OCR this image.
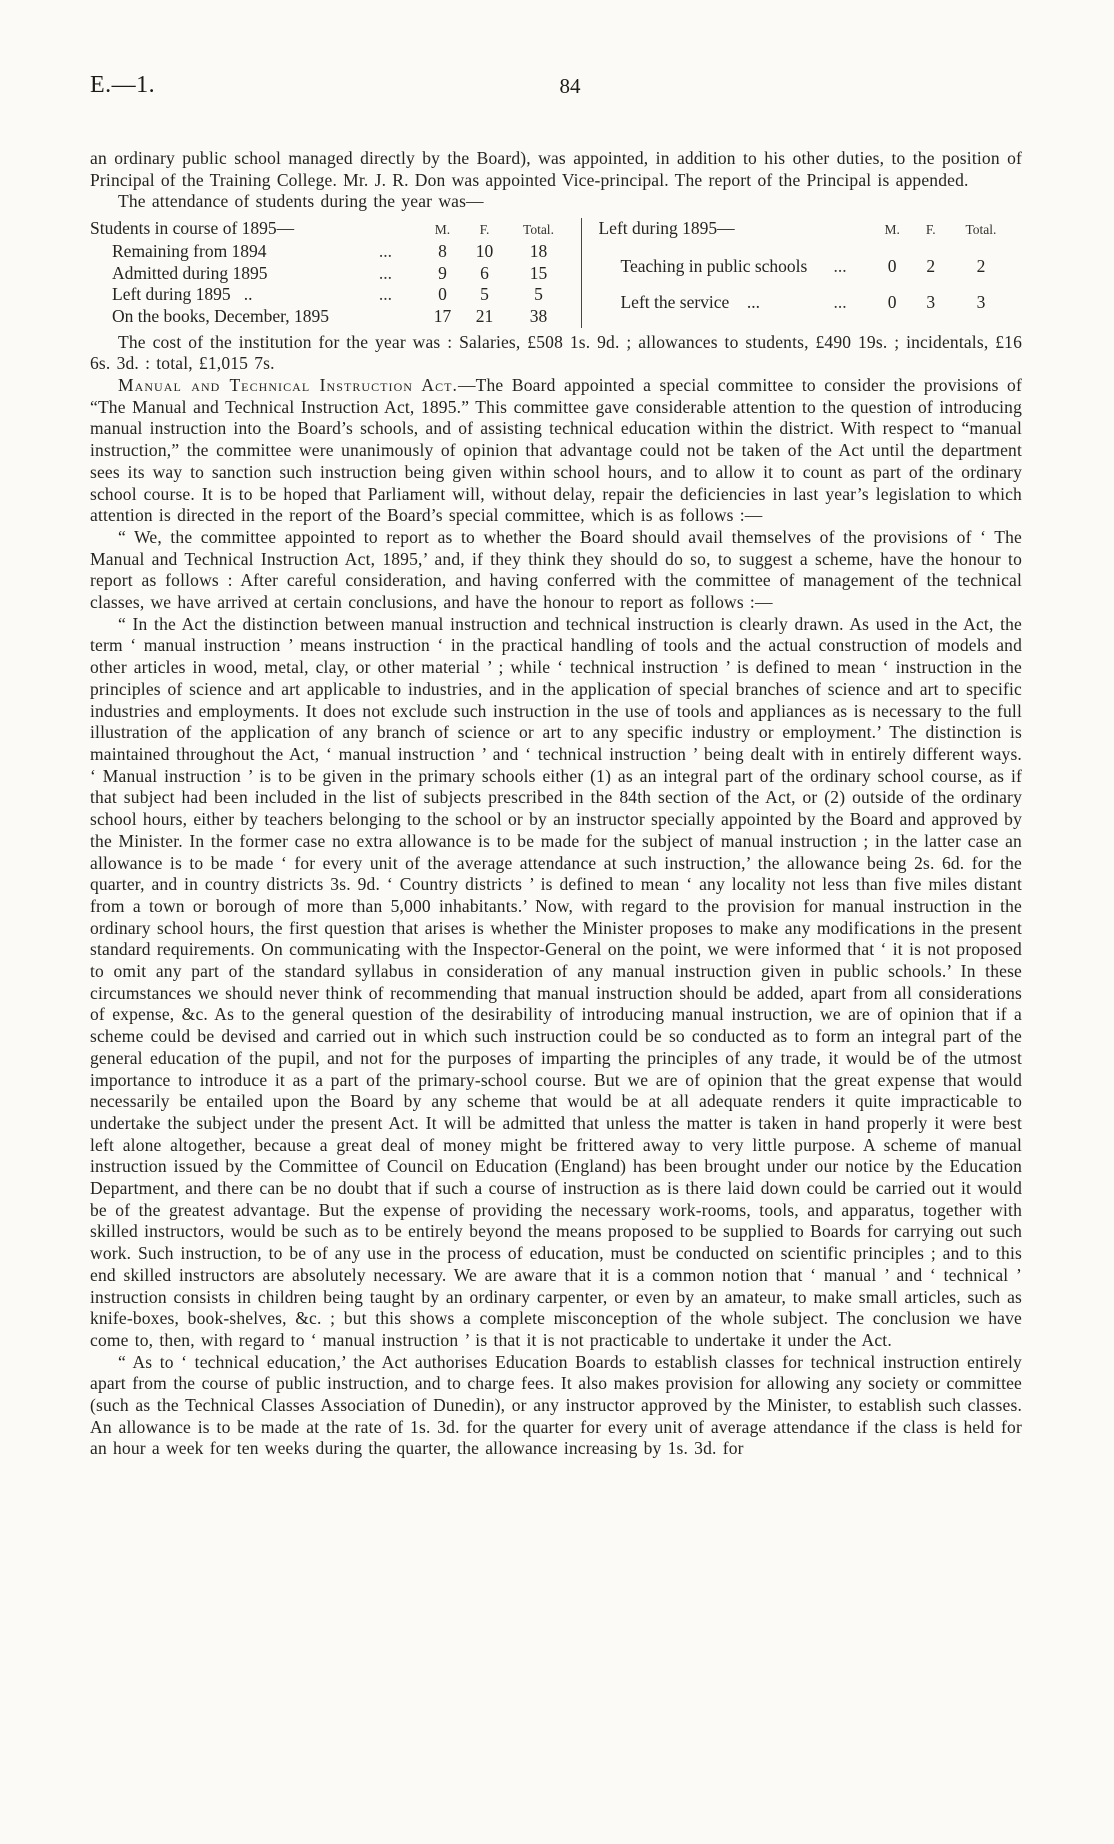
E.—1.	84

an ordinary public school managed directly by the Board), was appointed, in addition to his other duties, to the position of Principal of the Training College. Mr. J. R. Don was appointed Vice-principal. The report of the Principal is appended.

The attendance of students during the year was—

Students in course of 1895—		M.	F.	Total.
Remaining from 1894	...	8	10	18
Admitted during 1895	...	9	6	15
Left during 1895  ..	...	0	5	5
On the books, December, 1895		17	21	38
Left during 1895—		M.	F.	Total.
Teaching in public schools	...	0	2	2
Left the service  ...	...	0	3	3

The cost of the institution for the year was : Salaries, £508 1s. 9d. ; allowances to students, £490 19s. ; incidentals, £16 6s. 3d. : total, £1,015 7s.

Manual and Technical Instruction Act.—The Board appointed a special committee to consider the provisions of “The Manual and Technical Instruction Act, 1895.” This committee gave considerable attention to the question of introducing manual instruction into the Board’s schools, and of assisting technical education within the district. With respect to “manual instruction,” the committee were unanimously of opinion that advantage could not be taken of the Act until the department sees its way to sanction such instruction being given within school hours, and to allow it to count as part of the ordinary school course. It is to be hoped that Parliament will, without delay, repair the deficiencies in last year’s legislation to which attention is directed in the report of the Board’s special committee, which is as follows :—

“ We, the committee appointed to report as to whether the Board should avail themselves of the provisions of ‘ The Manual and Technical Instruction Act, 1895,’ and, if they think they should do so, to suggest a scheme, have the honour to report as follows : After careful consideration, and having conferred with the committee of management of the technical classes, we have arrived at certain conclusions, and have the honour to report as follows :—

“ In the Act the distinction between manual instruction and technical instruction is clearly drawn. As used in the Act, the term ‘ manual instruction ’ means instruction ‘ in the practical handling of tools and the actual construction of models and other articles in wood, metal, clay, or other material ’ ; while ‘ technical instruction ’ is defined to mean ‘ instruction in the principles of science and art applicable to industries, and in the application of special branches of science and art to specific industries and employments. It does not exclude such instruction in the use of tools and appliances as is necessary to the full illustration of the application of any branch of science or art to any specific industry or employment.’ The distinction is maintained throughout the Act, ‘ manual instruction ’ and ‘ technical instruction ’ being dealt with in entirely different ways. ‘ Manual instruction ’ is to be given in the primary schools either (1) as an integral part of the ordinary school course, as if that subject had been included in the list of subjects prescribed in the 84th section of the Act, or (2) outside of the ordinary school hours, either by teachers belonging to the school or by an instructor specially appointed by the Board and approved by the Minister. In the former case no extra allowance is to be made for the subject of manual instruction ; in the latter case an allowance is to be made ‘ for every unit of the average attendance at such instruction,’ the allowance being 2s. 6d. for the quarter, and in country districts 3s. 9d. ‘ Country districts ’ is defined to mean ‘ any locality not less than five miles distant from a town or borough of more than 5,000 inhabitants.’ Now, with regard to the provision for manual instruction in the ordinary school hours, the first question that arises is whether the Minister proposes to make any modifications in the present standard requirements. On communicating with the Inspector-General on the point, we were informed that ‘ it is not proposed to omit any part of the standard syllabus in consideration of any manual instruction given in public schools.’ In these circumstances we should never think of recommending that manual instruction should be added, apart from all considerations of expense, &c. As to the general question of the desirability of introducing manual instruction, we are of opinion that if a scheme could be devised and carried out in which such instruction could be so conducted as to form an integral part of the general education of the pupil, and not for the purposes of imparting the principles of any trade, it would be of the utmost importance to introduce it as a part of the primary-school course. But we are of opinion that the great expense that would necessarily be entailed upon the Board by any scheme that would be at all adequate renders it quite impracticable to undertake the subject under the present Act. It will be admitted that unless the matter is taken in hand properly it were best left alone altogether, because a great deal of money might be frittered away to very little purpose. A scheme of manual instruction issued by the Committee of Council on Education (England) has been brought under our notice by the Education Department, and there can be no doubt that if such a course of instruction as is there laid down could be carried out it would be of the greatest advantage. But the expense of providing the necessary work-rooms, tools, and apparatus, together with skilled instructors, would be such as to be entirely beyond the means proposed to be supplied to Boards for carrying out such work. Such instruction, to be of any use in the process of education, must be conducted on scientific principles ; and to this end skilled instructors are absolutely necessary. We are aware that it is a common notion that ‘ manual ’ and ‘ technical ’ instruction consists in children being taught by an ordinary carpenter, or even by an amateur, to make small articles, such as knife-boxes, book-shelves, &c. ; but this shows a complete misconception of the whole subject. The conclusion we have come to, then, with regard to ‘ manual instruction ’ is that it is not practicable to undertake it under the Act.

“ As to ‘ technical education,’ the Act authorises Education Boards to establish classes for technical instruction entirely apart from the course of public instruction, and to charge fees. It also makes provision for allowing any society or committee (such as the Technical Classes Association of Dunedin), or any instructor approved by the Minister, to establish such classes. An allowance is to be made at the rate of 1s. 3d. for the quarter for every unit of average attendance if the class is held for an hour a week for ten weeks during the quarter, the allowance increasing by 1s. 3d. for
